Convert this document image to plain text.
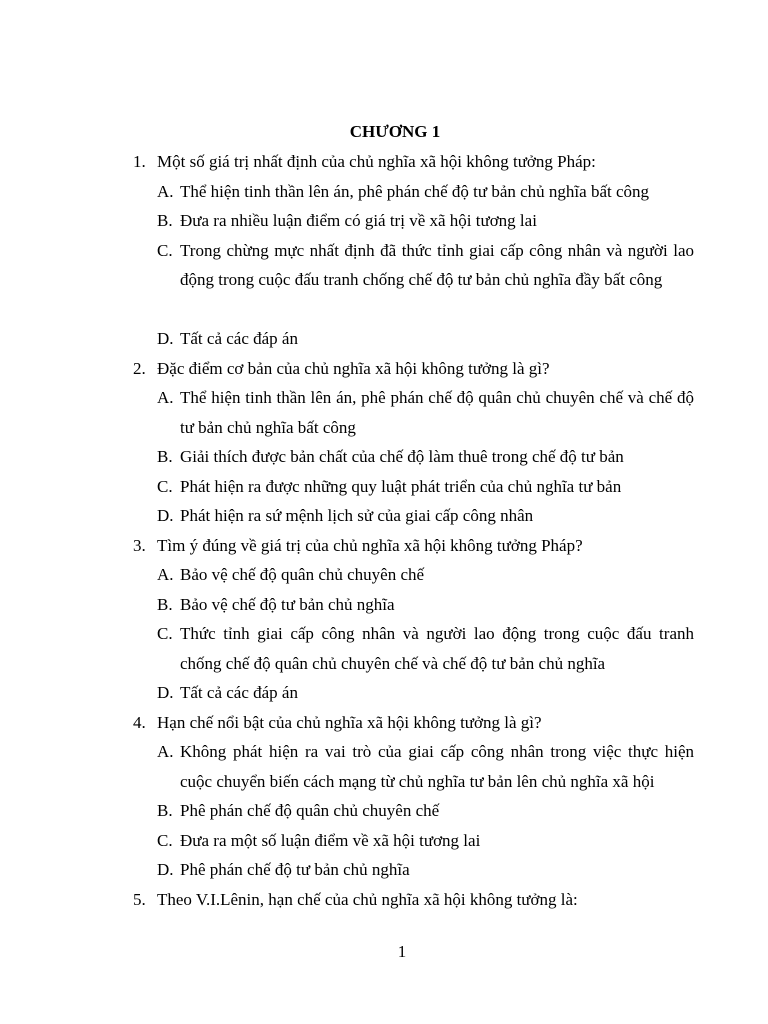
CHƯƠNG 1
1. Một số giá trị nhất định của chủ nghĩa xã hội không tưởng Pháp:
A. Thể hiện tinh thần lên án, phê phán chế độ tư bản chủ nghĩa bất công
B. Đưa ra nhiều luận điểm có giá trị về xã hội tương lai
C. Trong chừng mực nhất định đã thức tỉnh giai cấp công nhân và người lao động trong cuộc đấu tranh chống chế độ tư bản chủ nghĩa đầy bất công
D. Tất cả các đáp án
2. Đặc điểm cơ bản của chủ nghĩa xã hội không tưởng là gì?
A. Thể hiện tinh thần lên án, phê phán chế độ quân chủ chuyên chế và chế độ tư bản chủ nghĩa bất công
B. Giải thích được bản chất của chế độ làm thuê trong chế độ tư bản
C. Phát hiện ra được những quy luật phát triển của chủ nghĩa tư bản
D. Phát hiện ra sứ mệnh lịch sử của giai cấp công nhân
3. Tìm ý đúng về giá trị của chủ nghĩa xã hội không tưởng Pháp?
A. Bảo vệ chế độ quân chủ chuyên chế
B. Bảo vệ chế độ tư bản chủ nghĩa
C. Thức tỉnh giai cấp công nhân và người lao động trong cuộc đấu tranh chống chế độ quân chủ chuyên chế và chế độ tư bản chủ nghĩa
D. Tất cả các đáp án
4. Hạn chế nổi bật của chủ nghĩa xã hội không tưởng là gì?
A. Không phát hiện ra vai trò của giai cấp công nhân trong việc thực hiện cuộc chuyển biến cách mạng từ chủ nghĩa tư bản lên chủ nghĩa xã hội
B. Phê phán chế độ quân chủ chuyên chế
C. Đưa ra một số luận điểm về xã hội tương lai
D. Phê phán chế độ tư bản chủ nghĩa
5. Theo V.I.Lênin, hạn chế của chủ nghĩa xã hội không tưởng là:
1
